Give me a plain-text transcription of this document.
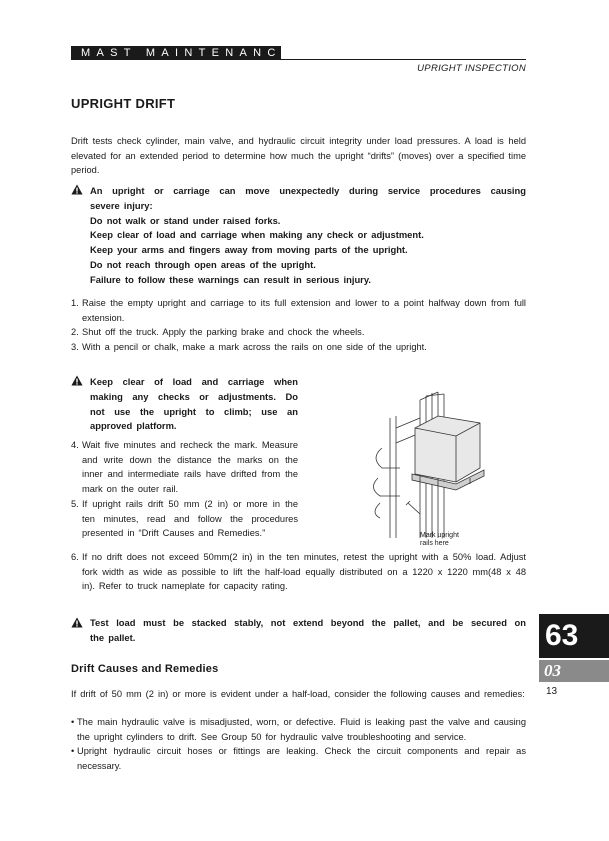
MAST MAINTENANCE
UPRIGHT INSPECTION
UPRIGHT DRIFT
Drift tests check cylinder, main valve, and hydraulic circuit integrity under load pressures. A load is held elevated for an extended period to determine how much the upright “drifts” (moves) over a specified time period.
An upright or carriage can move unexpectedly during service procedures causing
severe injury:
Do not walk or stand under raised forks.
Keep clear of load and carriage when making any check or adjustment.
Keep your arms and fingers away from moving parts of the upright.
Do not reach through open areas of the upright.
Failure to follow these warnings can result in serious injury.
1. Raise the empty upright and carriage to its full extension and lower to a point halfway down from full extension.
2. Shut off the truck. Apply the parking brake and chock the wheels.
3. With a pencil or chalk, make a mark across the rails on one side of the upright.
Keep clear of load and carriage when
making any checks or adjustments. Do
not use the upright to climb; use an
approved platform.
4. Wait five minutes and recheck the mark. Measure and write down the distance the marks on the inner and intermediate rails have drifted from the mark on the outer rail.
5. If upright rails drift 50 mm (2 in) or more in the ten minutes, read and follow the procedures presented in “Drift Causes and Remedies.”	Mark upright
rails here
6. If no drift does not exceed 50mm(2 in) in the ten minutes, retest the upright with a 50% load. Adjust fork width as wide as possible to lift the half-load equally distributed on a 1220 x 1220 mm(48 x 48 in). Refer to truck nameplate for capacity rating.
Test load must be stacked stably, not extend beyond the pallet, and be secured on
the pallet.
Drift Causes and Remedies
If drift of 50 mm (2 in) or more is evident under a half-load, consider the following causes and remedies:
• The main hydraulic valve is misadjusted, worn, or defective. Fluid is leaking past the valve and causing the upright cylinders to drift. See Group 50 for hydraulic valve troubleshooting and service.
• Upright hydraulic circuit hoses or fittings are leaking. Check the circuit components and repair as necessary.
63
03
13
